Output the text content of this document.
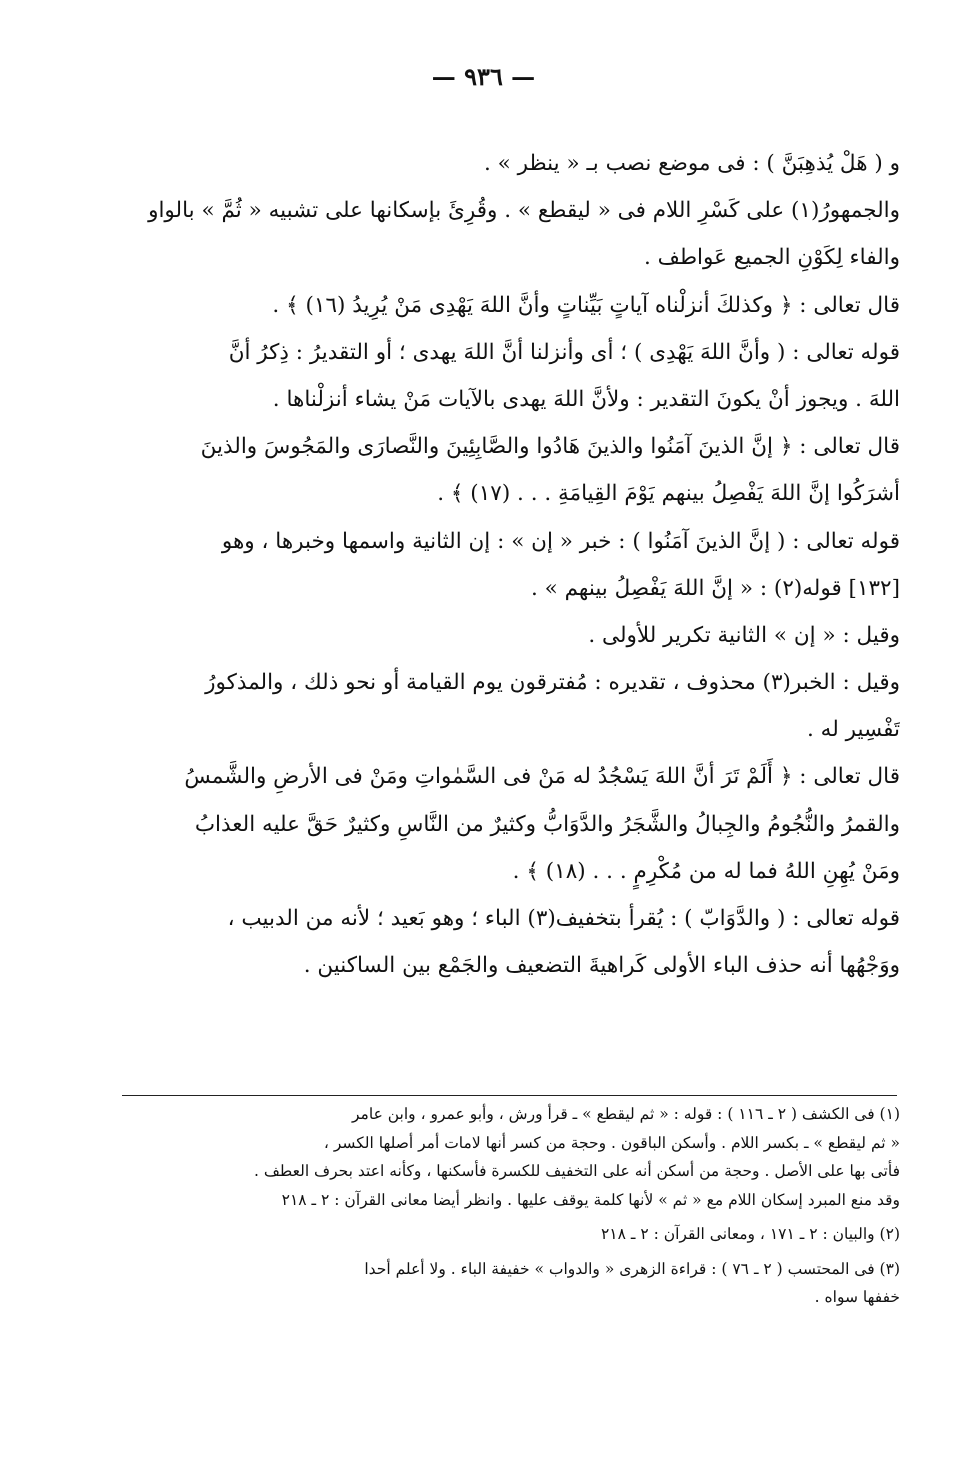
— ٩٣٦ —
و ( هَلْ يُذهِبَنَّ ) : فى موضع نصب بـ « ينظر » .
والجمهورُ(١) على كَسْرِ اللام فى « ليقطع » . وقُرِئَ بإسكانها على تشبيه « ثُمَّ » بالواو
والفاء لِكَوْنِ الجميع عَواطف .
قال تعالى : ﴿ وكذلكَ أنزلْناه آياتٍ بَيِّناتٍ وأنَّ اللهَ يَهْدِى مَنْ يُرِيدُ (١٦) ﴾ .
قوله تعالى : ( وأنَّ اللهَ يَهْدِى ) ؛ أى وأنزلنا أنَّ اللهَ يهدى ؛ أو التقديرُ : ذِكرُ أنَّ
اللهَ . ويجوز أنْ يكونَ التقدير : ولأنَّ اللهَ يهدى بالآيات مَنْ يشاء أنزلْناها .
قال تعالى : ﴿ إنَّ الذينَ آمَنُوا والذينَ هَادُوا والصَّابِئِينَ والنَّصارَى والمَجُوسَ والذينَ
أشرَكُوا إنَّ اللهَ يَفْصِلُ بينهم يَوْمَ القِيامَةِ . . . (١٧) ﴾ .
قوله تعالى : ( إنَّ الذينَ آمَنُوا ) : خبر « إن » : إن الثانية واسمها وخبرها ، وهو
[١٣٢] قوله(٢) : « إنَّ اللهَ يَفْصِلُ بينهم » .
وقيل : « إن » الثانية تكرير للأولى .
وقيل : الخبر(٣) محذوف ، تقديره : مُفترقون يوم القيامة أو نحو ذلك ، والمذكورُ
تَفْسِير له .
قال تعالى : ﴿ أَلَمْ تَرَ أنَّ اللهَ يَسْجُدُ له مَنْ فى السَّمٰواتِ ومَنْ فى الأرضِ والشَّمسُ
والقمرُ والنُّجُومُ والجِبالُ والشَّجَرُ والدَّوَابُّ وكثيرٌ من النَّاسِ وكثيرٌ حَقَّ عليه العذابُ
ومَنْ يُهِنِ اللهُ فما له من مُكْرِمٍ . . . (١٨) ﴾ .
قوله تعالى : ( والدَّوَابّ ) : يُقرأ بتخفيف(٣) الباء ؛ وهو بَعيد ؛ لأنه من الدبيب ،
ووَجْهُها أنه حذف الباء الأولى كَراهيةَ التضعيف والجَمْع بين الساكنين .
(١) فى الكشف ( ٢ ـ ١١٦ ) : قوله : « ثم ليقطع » ـ قرأ ورش ، وأبو عمرو ، وابن عامر
« ثم ليقطع » ـ بكسر اللام . وأسكن الباقون . وحجة من كسر أنها لامات أمر أصلها الكسر ،
فأتى بها على الأصل . وحجة من أسكن أنه على التخفيف للكسرة فأسكنها ، وكأنه اعتد بحرف العطف .
وقد منع المبرد إسكان اللام مع « ثم » لأنها كلمة يوقف عليها . وانظر أيضا معانى القرآن : ٢ ـ ٢١٨
(٢) والبيان : ٢ ـ ١٧١ ، ومعانى القرآن : ٢ ـ ٢١٨
(٣) فى المحتسب ( ٢ ـ ٧٦ ) : قراءة الزهرى « والدواب » خفيفة الباء . ولا أعلم أحدا
خففها سواه .
